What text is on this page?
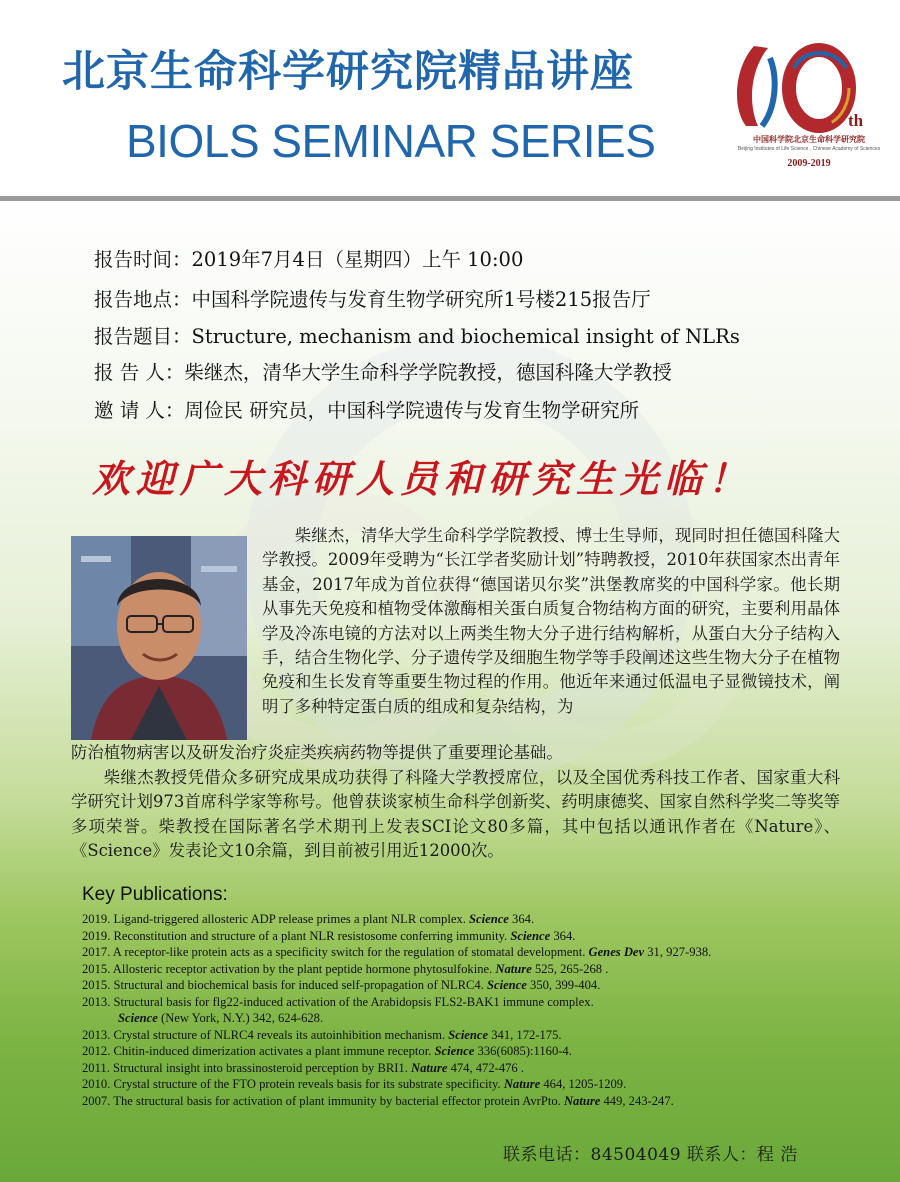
北京生命科学研究院精品讲座
BIOLS SEMINAR SERIES	th
中国科学院北京生命科学研究院
Beijing Institutes of Life Science , Chinese Academy of Sciences
2009-2019
报告时间：2019年7月4日（星期四）上午 10:00
报告地点：中国科学院遗传与发育生物学研究所1号楼215报告厅
报告题目：Structure, mechanism and biochemical insight of NLRs
报 告 人：柴继杰，清华大学生命科学学院教授，德国科隆大学教授
邀 请 人：周俭民 研究员，中国科学院遗传与发育生物学研究所
欢迎广大科研人员和研究生光临！
柴继杰，清华大学生命科学学院教授、博士生导师，现同时担任德国科隆大学教授。2009年受聘为“长江学者奖励计划”特聘教授，2010年获国家杰出青年基金，2017年成为首位获得“德国诺贝尔奖”洪堡教席奖的中国科学家。他长期从事先天免疫和植物受体激酶相关蛋白质复合物结构方面的研究，主要利用晶体学及冷冻电镜的方法对以上两类生物大分子进行结构解析，从蛋白大分子结构入手，结合生物化学、分子遗传学及细胞生物学等手段阐述这些生物大分子在植物免疫和生长发育等重要生物过程的作用。他近年来通过低温电子显微镜技术，阐明了多种特定蛋白质的组成和复杂结构，为
防治植物病害以及研发治疗炎症类疾病药物等提供了重要理论基础。
柴继杰教授凭借众多研究成果成功获得了科隆大学教授席位，以及全国优秀科技工作者、国家重大科学研究计划973首席科学家等称号。他曾获谈家桢生命科学创新奖、药明康德奖、国家自然科学奖二等奖等多项荣誉。柴教授在国际著名学术期刊上发表SCI论文80多篇，其中包括以通讯作者在《Nature》、《Science》发表论文10余篇，到目前被引用近12000次。
Key Publications:
2019. Ligand-triggered allosteric ADP release primes a plant NLR complex. Science 364.
2019. Reconstitution and structure of a plant NLR resistosome conferring immunity. Science 364.
2017. A receptor-like protein acts as a specificity switch for the regulation of stomatal development. Genes Dev 31, 927-938.
2015. Allosteric receptor activation by the plant peptide hormone phytosulfokine. Nature 525, 265-268 .
2015. Structural and biochemical basis for induced self-propagation of NLRC4. Science 350, 399-404.
2013. Structural basis for flg22-induced activation of the Arabidopsis FLS2-BAK1 immune complex.
Science (New York, N.Y.) 342, 624-628.
2013. Crystal structure of NLRC4 reveals its autoinhibition mechanism. Science 341, 172-175.
2012. Chitin-induced dimerization activates a plant immune receptor. Science 336(6085):1160-4.
2011. Structural insight into brassinosteroid perception by BRI1. Nature 474, 472-476 .
2010. Crystal structure of the FTO protein reveals basis for its substrate specificity. Nature 464, 1205-1209.
2007. The structural basis for activation of plant immunity by bacterial effector protein AvrPto. Nature 449, 243-247.
联系电话：84504049 联系人：程 浩
